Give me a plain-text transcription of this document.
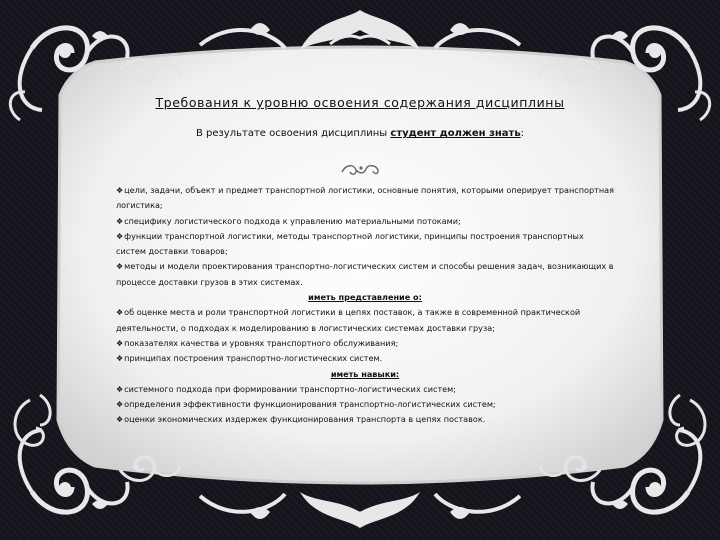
Требования к уровню освоения содержания дисциплины
В результате освоения дисциплины студент должен знать:

❖цели, задачи, объект и предмет транспортной логистики, основные понятия, которыми оперирует транспортная логистика;

❖специфику логистического подхода к управлению материальными потоками;

❖функции транспортной логистики, методы транспортной логистики, принципы построения транспортных систем доставки товаров;

❖методы и модели проектирования транспортно-логистических систем и способы решения задач, возникающих в процессе доставки грузов в этих системах.

иметь представление о:

❖об оценке места и роли транспортной логистики в цепях поставок, а также в современной практической деятельности, о подходах к моделированию в логистических системах доставки груза;

❖показателях качества и уровнях транспортного обслуживания;

❖принципах построения транспортно-логистических систем.

иметь навыки:

❖системного подхода при формировании транспортно-логистических систем;

❖определения эффективности функционирования транспортно-логистических систем;

❖оценки экономических издержек функционирования транспорта в цепях поставок.
